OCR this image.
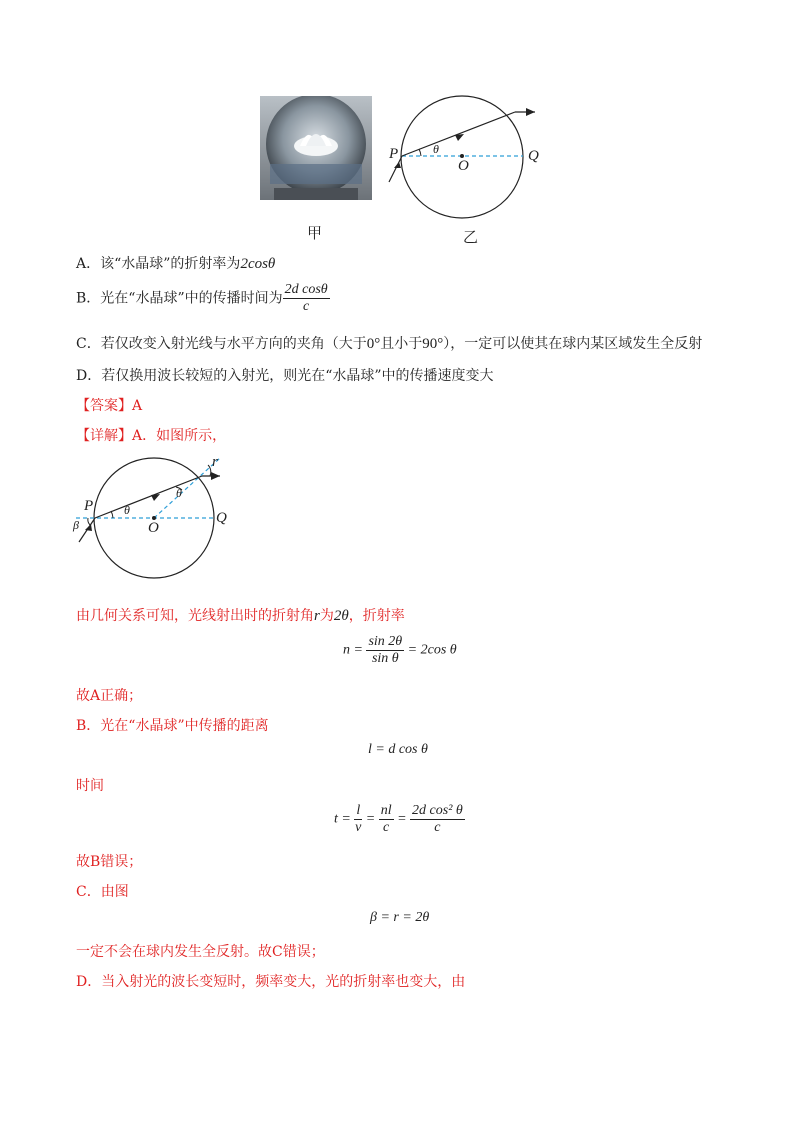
P
O
Q
θ
甲	乙
A．该“水晶球”的折射率为2cosθ
B．光在“水晶球”中的传播时间为 $\frac{\text{2d cosθ}}{c}$
C．若仅改变入射光线与水平方向的夹角（大于0°且小于90°），一定可以使其在球内某区域发生全反射
D．若仅换用波长较短的入射光，则光在“水晶球”中的传播速度变大
【答案】A
【详解】A．如图所示，
P
O
Q
θ
θ
β
r
由几何关系可知，光线射出时的折射角r为2θ，折射率
$n = \frac{\sin 2\theta}{\text{sin θ}} = 2\cos$ θ
故A正确；
B．光在“水晶球”中传播的距离
l = d cos θ
时间
$t = \frac{l}{v} = \frac{nl}{c} = \frac{\text{2d cos² θ}}{c}$
故B错误；
C．由图
β = r = 2θ
一定不会在球内发生全反射。故C错误；
D．当入射光的波长变短时，频率变大，光的折射率也变大，由
